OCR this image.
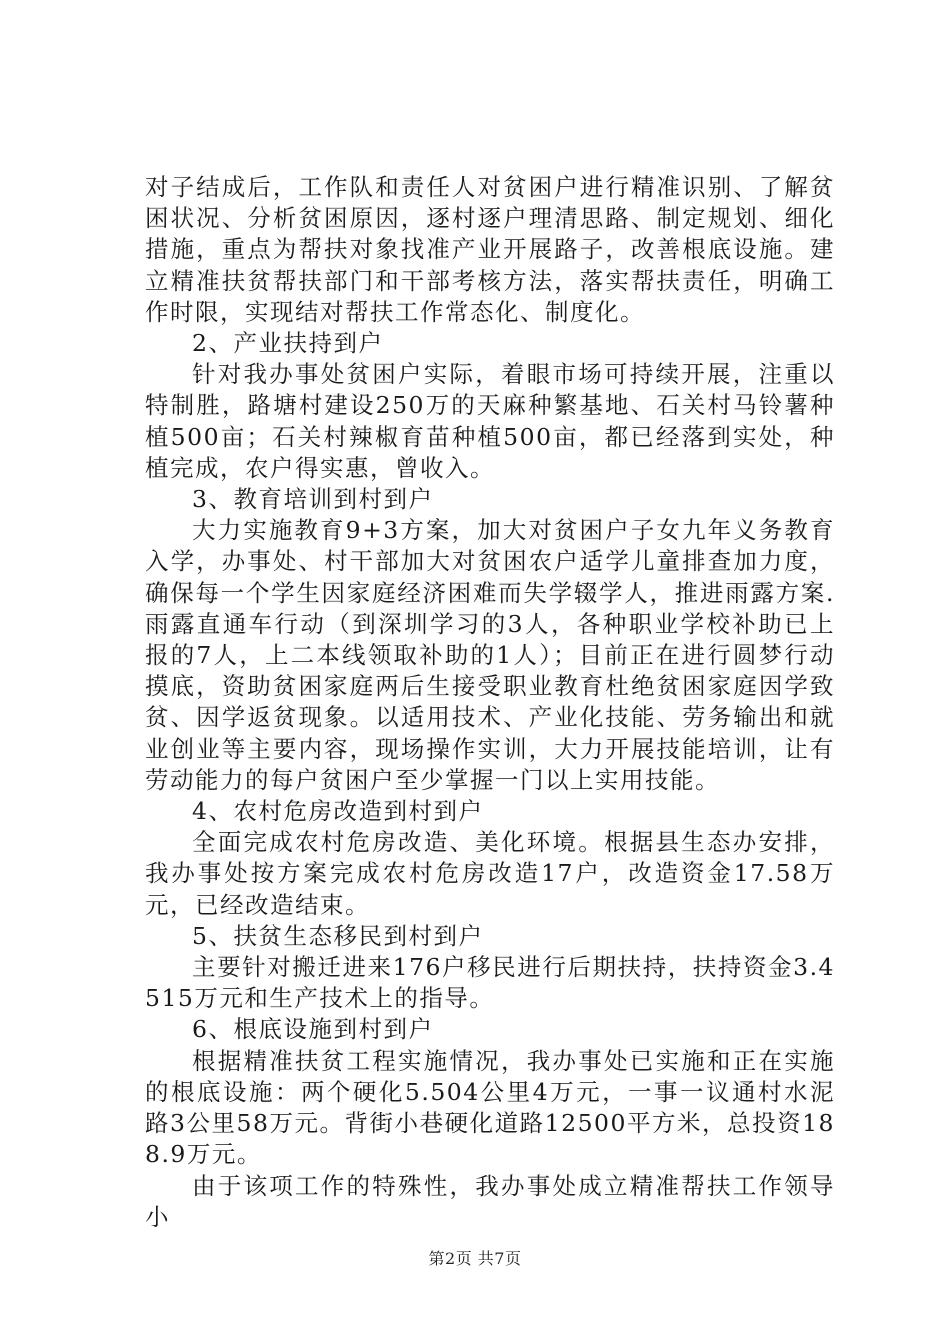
对子结成后，工作队和责任人对贫困户进行精准识别、了解贫困状况、分析贫困原因，逐村逐户理清思路、制定规划、细化措施，重点为帮扶对象找准产业开展路子，改善根底设施。建立精准扶贫帮扶部门和干部考核方法，落实帮扶责任，明确工作时限，实现结对帮扶工作常态化、制度化。

2、产业扶持到户

针对我办事处贫困户实际，着眼市场可持续开展，注重以特制胜，路塘村建设250万的天麻种繁基地、石关村马铃薯种植500亩；石关村辣椒育苗种植500亩，都已经落到实处，种植完成，农户得实惠，曾收入。

3、教育培训到村到户

大力实施教育9+3方案，加大对贫困户子女九年义务教育入学，办事处、村干部加大对贫困农户适学儿童排查加力度，确保每一个学生因家庭经济困难而失学辍学人，推进雨露方案.雨露直通车行动（到深圳学习的3人，各种职业学校补助已上报的7人，上二本线领取补助的1人）；目前正在进行圆梦行动摸底，资助贫困家庭两后生接受职业教育杜绝贫困家庭因学致贫、因学返贫现象。以适用技术、产业化技能、劳务输出和就业创业等主要内容，现场操作实训，大力开展技能培训，让有劳动能力的每户贫困户至少掌握一门以上实用技能。

4、农村危房改造到村到户

全面完成农村危房改造、美化环境。根据县生态办安排，我办事处按方案完成农村危房改造17户，改造资金17.58万元，已经改造结束。

5、扶贫生态移民到村到户

主要针对搬迁进来176户移民进行后期扶持，扶持资金3.4515万元和生产技术上的指导。

6、根底设施到村到户

根据精准扶贫工程实施情况，我办事处已实施和正在实施的根底设施：两个硬化5.504公里4万元，一事一议通村水泥路3公里58万元。背街小巷硬化道路12500平方米，总投资188.9万元。

由于该项工作的特殊性，我办事处成立精准帮扶工作领导小

第2页 共7页
